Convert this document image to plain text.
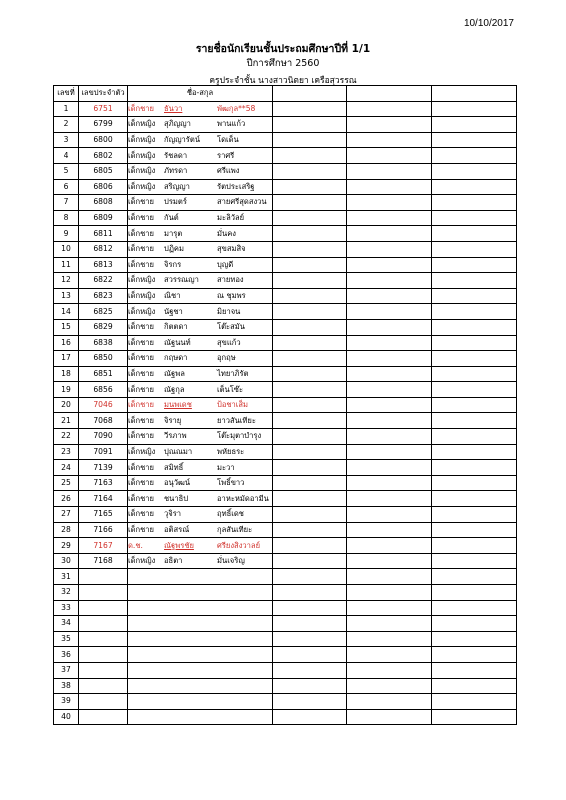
10/10/2017
รายชื่อนักเรียนชั้นประถมศึกษาปีที่ 1/1
ปีการศึกษา 2560
ครูประจำชั้น นางสาวนิตยา เครือสุวรรณ
เลขที่	เลขประจำตัว	ชื่อ-สกุล			
1	6751	เด็กชาย ธันวา พัฒกุล**58			
2	6799	เด็กหญิง สุภิญญา พานแก้ว			
3	6800	เด็กหญิง กัญญารัตน์ โดเด็น			
4	6802	เด็กหญิง รัชลดา ราศรี			
5	6805	เด็กหญิง ภัทรดา ศรีแพง			
6	6806	เด็กหญิง สริญญา รัตประเสริฐ			
7	6808	เด็กชาย ปรมตร์ สายศรีสุดสงวน			
8	6809	เด็กชาย กันต์ มะลิวัลย์			
9	6811	เด็กชาย มารุต มั่นคง			
10	6812	เด็กชาย ปฏิคม สุขสมสิจ			
11	6813	เด็กชาย จิรกร บุญดี			
12	6822	เด็กหญิง สวรรณญา สายทอง			
13	6823	เด็กหญิง ณิชา ณ ชุมพร			
14	6825	เด็กหญิง นัฐชา มิยาจน			
15	6829	เด็กชาย กิตตดา โต๊ะสมัน			
16	6838	เด็กชาย ณัฐนนท์ สุขแก้ว			
17	6850	เด็กชาย กฤษดา อุกฤษ			
18	6851	เด็กชาย ณัฐพล ไทยาภิรัต			
19	6856	เด็กชาย ณัฐกุล เต็นโซ๊ะ			
20	7046	เด็กชาย มนพเดช ป้อชาเส็ม			
21	7068	เด็กชาย จิรายุ ยาวสันเทียะ			
22	7090	เด็กชาย วีรภาพ โต๊ะมุตาบำรุง			
23	7091	เด็กหญิง ปุณณมา พหัยธระ			
24	7139	เด็กชาย สมิทธิ์ มะวา			
25	7163	เด็กชาย อนุวัฒน์ โพธิ์ขาว			
26	7164	เด็กชาย ชนาธิป อาหะหมัดอามีน			
27	7165	เด็กชาย วุจิรา ฤทธิ์เดช			
28	7166	เด็กชาย อติสรณ์ กุลสันเทียะ			
29	7167	ด.ช. ณัฐพรชัย ศรียงสิงวาลย์			
30	7168	เด็กหญิง อธิตา มั่นเจริญ			
31					
32					
33					
34					
35					
36					
37					
38					
39					
40					
